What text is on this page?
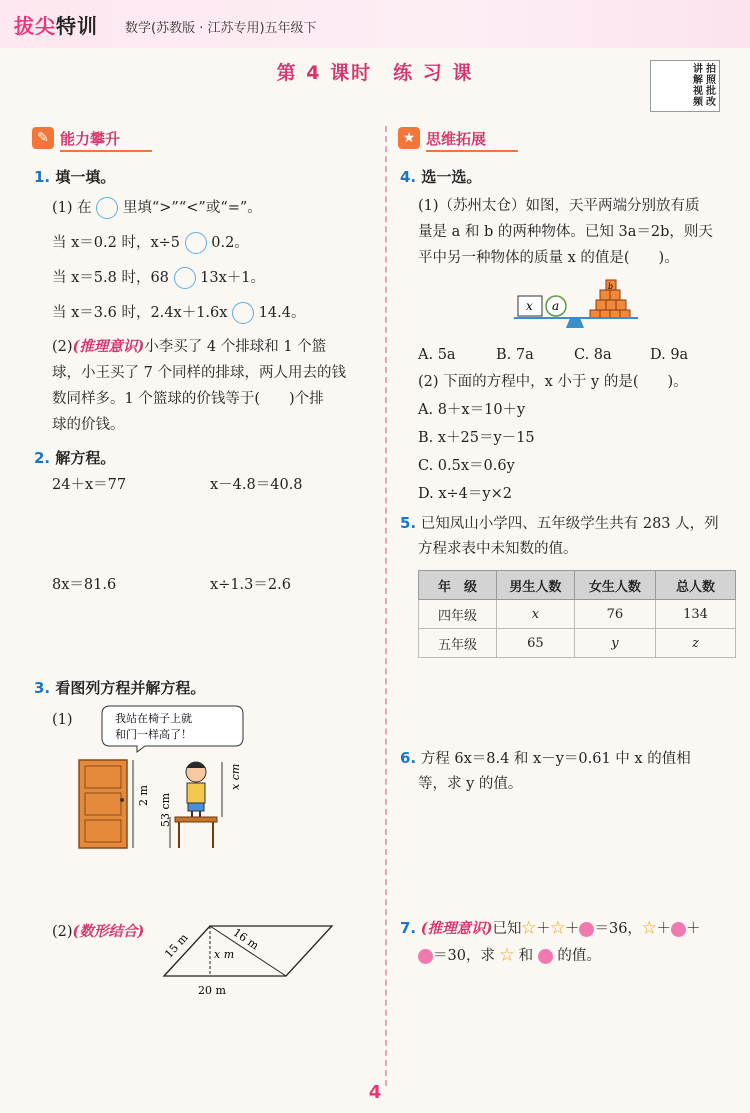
拔尖特训 数学(苏教版 · 江苏专用)五年级下
第 4 课时　练 习 课	讲
解
视
频
拍
照
批
改
✎ 能力攀升
1. 填一填。
(1) 在 里填“>”“<”或“=”。
当 x＝0.2 时，x÷5 0.2。
当 x＝5.8 时，68 13x＋1。
当 x＝3.6 时，2.4x＋1.6x 14.4。
(2)(推理意识)小李买了 4 个排球和 1 个篮
球，小王买了 7 个同样的排球，两人用去的钱
数同样多。1 个篮球的价钱等于(　　)个排
球的价钱。
2. 解方程。
24＋x＝77	x－4.8＝40.8
8x＝81.6	x÷1.3＝2.6
3. 看图列方程并解方程。
(1)	我站在椅子上就
和门一样高了！
2 m
x cm
53 cm
(2)(数形结合) 15 m	16 m
x m
20 m
★ 思维拓展
4. 选一选。
(1)（苏州太仓）如图，天平两端分别放有质
量是 a 和 b 的两种物体。已知 3a＝2b，则天
平中另一种物体的质量 x 的值是(　　)。
x a
b
A. 5a	B. 7a	C. 8a	D. 9a
(2) 下面的方程中，x 小于 y 的是(　　)。
A. 8＋x＝10＋y
B. x＋25＝y－15
C. 0.5x＝0.6y
D. x÷4＝y×2
5. 已知凤山小学四、五年级学生共有 283 人，列
方程求表中未知数的值。
年　级	男生人数	女生人数	总人数
四年级	x	76	134
五年级	65	y	z
6. 方程 6x＝8.4 和 x－y＝0.61 中 x 的值相
等，求 y 的值。
7. (推理意识)已知☆＋☆＋ ＝36，☆＋ ＋
＝30，求 ☆ 和 的值。
4
